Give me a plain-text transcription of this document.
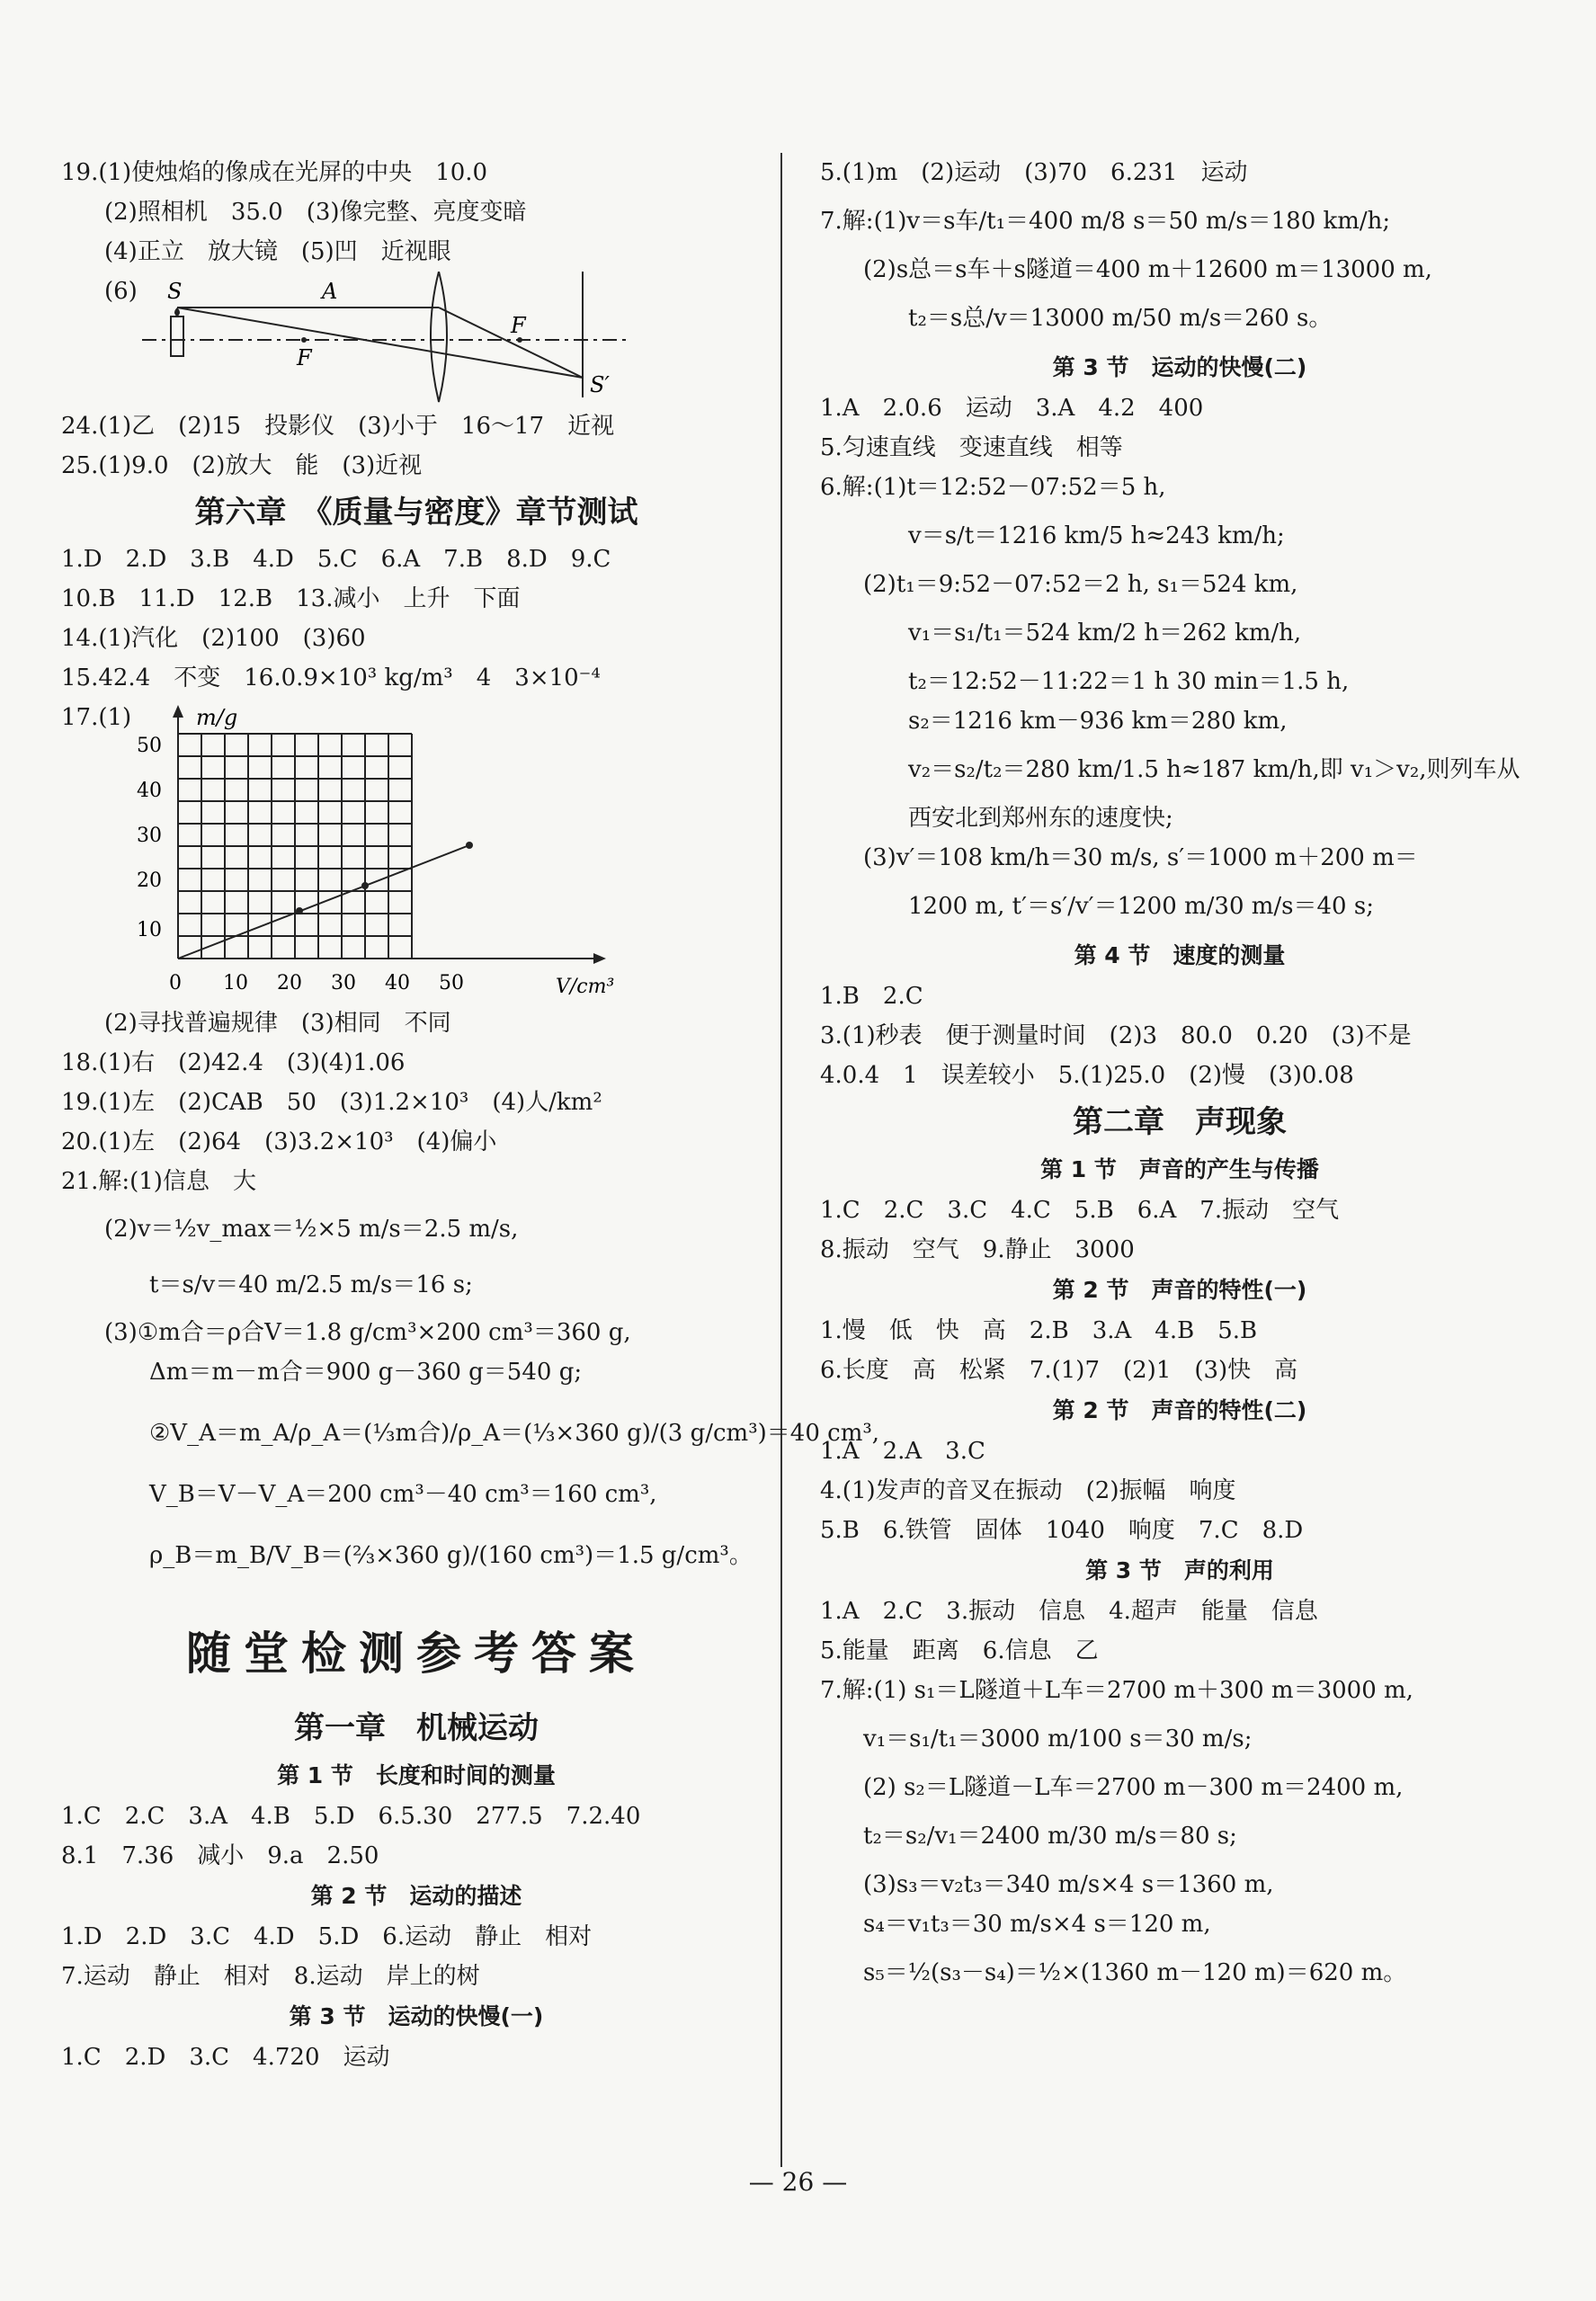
19.(1)使烛焰的像成在光屏的中央　10.0
(2)照相机　35.0　(3)像完整、亮度变暗
(4)正立　放大镜　(5)凹　近视眼
(6) S	A
F
F
S′
24.(1)乙　(2)15　投影仪　(3)小于　16～17　近视
25.(1)9.0　(2)放大　能　(3)近视
第六章　《质量与密度》章节测试
1.D　2.D　3.B　4.D　5.C　6.A　7.B　8.D　9.C
10.B　11.D　12.B　13.减小　上升　下面
14.(1)汽化　(2)100　(3)60
15.42.4　不变　16.0.9×10³ kg/m³　4　3×10⁻⁴
17.(1)	m/g
V/cm³
50
40
30
20
10
0 10 20 30 40 50
(2)寻找普遍规律　(3)相同　不同
18.(1)右　(2)42.4　(3)(4)1.06
19.(1)左　(2)CAB　50　(3)1.2×10³　(4)人/km²
20.(1)左　(2)64　(3)3.2×10³　(4)偏小
21.解:(1)信息　大
(2)v＝½v_max＝½×5 m/s＝2.5 m/s,
t＝s/v＝40 m/2.5 m/s＝16 s;
(3)①m合＝ρ合V＝1.8 g/cm³×200 cm³＝360 g,
Δm＝m－m合＝900 g－360 g＝540 g;
②V_A＝m_A/ρ_A＝(⅓m合)/ρ_A＝(⅓×360 g)/(3 g/cm³)＝40 cm³,
V_B＝V－V_A＝200 cm³－40 cm³＝160 cm³,
ρ_B＝m_B/V_B＝(⅔×360 g)/(160 cm³)＝1.5 g/cm³。
随堂检测参考答案
第一章　机械运动
第 1 节　长度和时间的测量
1.C　2.C　3.A　4.B　5.D　6.5.30　277.5　7.2.40
8.1　7.36　减小　9.a　2.50
第 2 节　运动的描述
1.D　2.D　3.C　4.D　5.D　6.运动　静止　相对
7.运动　静止　相对　8.运动　岸上的树
第 3 节　运动的快慢(一)
1.C　2.D　3.C　4.720　运动
5.(1)m　(2)运动　(3)70　6.231　运动
7.解:(1)v＝s车/t₁＝400 m/8 s＝50 m/s＝180 km/h;
(2)s总＝s车＋s隧道＝400 m＋12600 m＝13000 m,
t₂＝s总/v＝13000 m/50 m/s＝260 s。
第 3 节　运动的快慢(二)
1.A　2.0.6　运动　3.A　4.2　400
5.匀速直线　变速直线　相等
6.解:(1)t＝12:52－07:52＝5 h,
v＝s/t＝1216 km/5 h≈243 km/h;
(2)t₁＝9:52－07:52＝2 h, s₁＝524 km,
v₁＝s₁/t₁＝524 km/2 h＝262 km/h,
t₂＝12:52－11:22＝1 h 30 min＝1.5 h,
s₂＝1216 km－936 km＝280 km,
v₂＝s₂/t₂＝280 km/1.5 h≈187 km/h,即 v₁＞v₂,则列车从
西安北到郑州东的速度快;
(3)v′＝108 km/h＝30 m/s, s′＝1000 m＋200 m＝
1200 m, t′＝s′/v′＝1200 m/30 m/s＝40 s;
第 4 节　速度的测量
1.B　2.C
3.(1)秒表　便于测量时间　(2)3　80.0　0.20　(3)不是
4.0.4　1　误差较小　5.(1)25.0　(2)慢　(3)0.08
第二章　声现象
第 1 节　声音的产生与传播
1.C　2.C　3.C　4.C　5.B　6.A　7.振动　空气
8.振动　空气　9.静止　3000
第 2 节　声音的特性(一)
1.慢　低　快　高　2.B　3.A　4.B　5.B
6.长度　高　松紧　7.(1)7　(2)1　(3)快　高
第 2 节　声音的特性(二)
1.A　2.A　3.C
4.(1)发声的音叉在振动　(2)振幅　响度
5.B　6.铁管　固体　1040　响度　7.C　8.D
第 3 节　声的利用
1.A　2.C　3.振动　信息　4.超声　能量　信息
5.能量　距离　6.信息　乙
7.解:(1) s₁＝L隧道＋L车＝2700 m＋300 m＝3000 m,
v₁＝s₁/t₁＝3000 m/100 s＝30 m/s;
(2) s₂＝L隧道－L车＝2700 m－300 m＝2400 m,
t₂＝s₂/v₁＝2400 m/30 m/s＝80 s;
(3)s₃＝v₂t₃＝340 m/s×4 s＝1360 m,
s₄＝v₁t₃＝30 m/s×4 s＝120 m,
s₅＝½(s₃－s₄)＝½×(1360 m－120 m)＝620 m。
— 26 —
